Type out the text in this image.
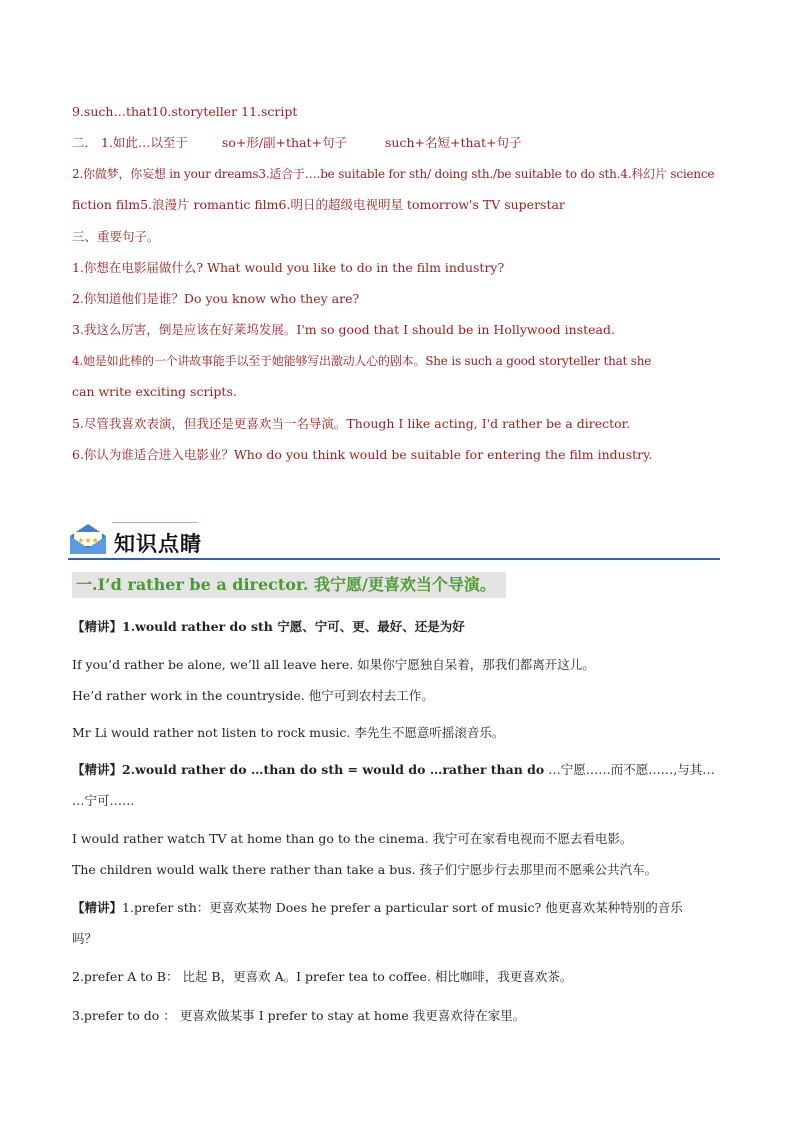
9.such…that10.storyteller 11.script
二． 1.如此…以至于	so+形/副+that+句子	such+名短+that+句子
2.你做梦，你妄想 in your dreams3.适合于….be suitable for sth/ doing sth./be suitable to do sth.4.科幻片 science
fiction film5.浪漫片 romantic film6.明日的超级电视明星 tomorrow's TV superstar
三、重要句子。
1.你想在电影届做什么? What would you like to do in the film industry?
2.你知道他们是谁？Do you know who they are?
3.我这么厉害，倒是应该在好莱坞发展。I'm so good that I should be in Hollywood instead.
4.她是如此棒的一个讲故事能手以至于她能够写出激动人心的剧本。She is such a good storyteller that she
can write exciting scripts.
5.尽管我喜欢表演，但我还是更喜欢当一名导演。Though I like acting, I'd rather be a director.
6.你认为谁适合进入电影业？Who do you think would be suitable for entering the film industry.
★★★ 知识点睛
一.I’d rather be a director. 我宁愿/更喜欢当个导演。
【精讲】1.would rather do sth 宁愿、宁可、更、最好、还是为好
If you’d rather be alone, we’ll all leave here. 如果你宁愿独自呆着，那我们都离开这儿。
He’d rather work in the countryside. 他宁可到农村去工作。
Mr Li would rather not listen to rock music. 李先生不愿意听摇滚音乐。
【精讲】2.would rather do …than do sth = would do …rather than do …宁愿……而不愿……,与其…
…宁可……
I would rather watch TV at home than go to the cinema. 我宁可在家看电视而不愿去看电影。
The children would walk there rather than take a bus. 孩子们宁愿步行去那里而不愿乘公共汽车。
【精讲】1.prefer sth：更喜欢某物 Does he prefer a particular sort of music? 他更喜欢某种特别的音乐
吗？
2.prefer A to B： 比起 B，更喜欢 A。I prefer tea to coffee. 相比咖啡，我更喜欢茶。
3.prefer to do ： 更喜欢做某事 I prefer to stay at home 我更喜欢待在家里。
